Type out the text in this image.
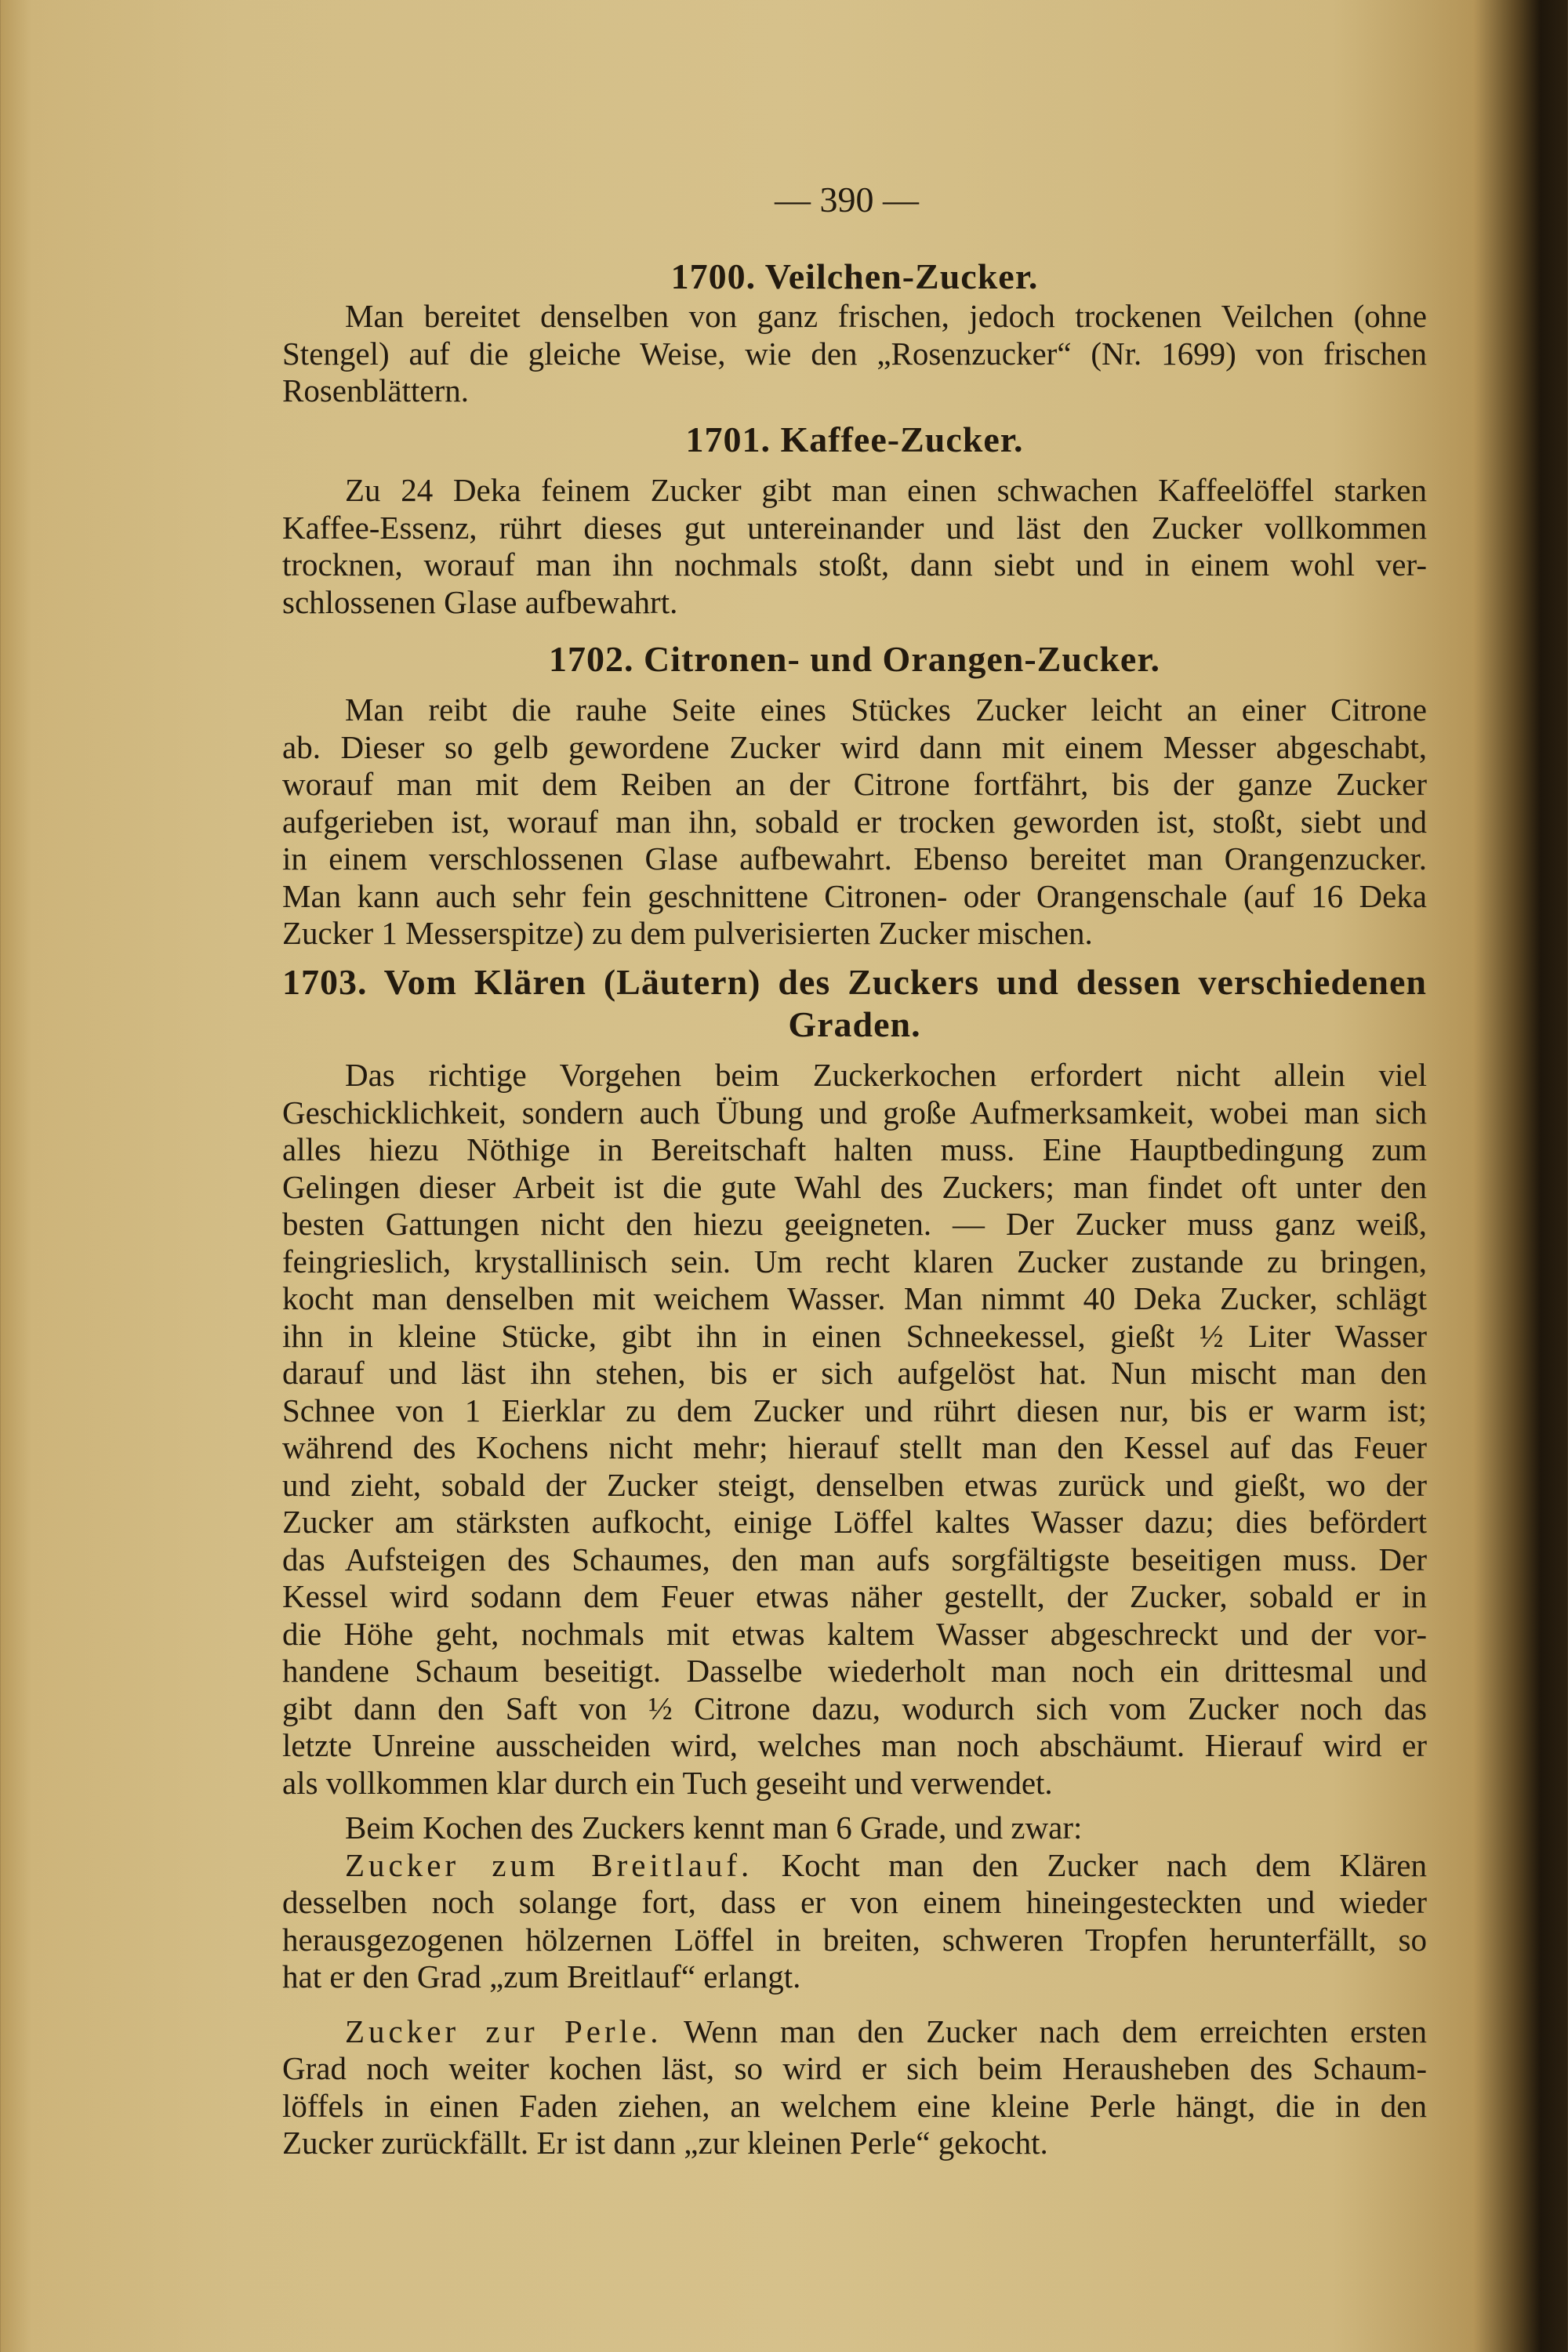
— 390 —
1700. Veilchen-Zucker.
Man bereitet denselben von ganz frischen, jedoch trockenen Veilchen (ohne
Stengel) auf die gleiche Weise, wie den „Rosenzucker“ (Nr. 1699) von frischen
Rosenblättern.
1701. Kaffee-Zucker.
Zu 24 Deka feinem Zucker gibt man einen schwachen Kaffeelöffel starken
Kaffee-Essenz, rührt dieses gut untereinander und läst den Zucker vollkommen
trocknen, worauf man ihn nochmals stoßt, dann siebt und in einem wohl ver-
schlossenen Glase aufbewahrt.
1702. Citronen- und Orangen-Zucker.
Man reibt die rauhe Seite eines Stückes Zucker leicht an einer Citrone
ab. Dieser so gelb gewordene Zucker wird dann mit einem Messer abgeschabt,
worauf man mit dem Reiben an der Citrone fortfährt, bis der ganze Zucker
aufgerieben ist, worauf man ihn, sobald er trocken geworden ist, stoßt, siebt und
in einem verschlossenen Glase aufbewahrt. Ebenso bereitet man Orangenzucker.
Man kann auch sehr fein geschnittene Citronen- oder Orangenschale (auf 16 Deka
Zucker 1 Messerspitze) zu dem pulverisierten Zucker mischen.
1703. Vom Klären (Läutern) des Zuckers und dessen verschiedenen
Graden.
Das richtige Vorgehen beim Zuckerkochen erfordert nicht allein viel
Geschicklichkeit, sondern auch Übung und große Aufmerksamkeit, wobei man sich
alles hiezu Nöthige in Bereitschaft halten muss. Eine Hauptbedingung zum
Gelingen dieser Arbeit ist die gute Wahl des Zuckers; man findet oft unter den
besten Gattungen nicht den hiezu geeigneten. — Der Zucker muss ganz weiß,
feingrieslich, krystallinisch sein. Um recht klaren Zucker zustande zu bringen,
kocht man denselben mit weichem Wasser. Man nimmt 40 Deka Zucker, schlägt
ihn in kleine Stücke, gibt ihn in einen Schneekessel, gießt ½ Liter Wasser
darauf und läst ihn stehen, bis er sich aufgelöst hat. Nun mischt man den
Schnee von 1 Eierklar zu dem Zucker und rührt diesen nur, bis er warm ist;
während des Kochens nicht mehr; hierauf stellt man den Kessel auf das Feuer
und zieht, sobald der Zucker steigt, denselben etwas zurück und gießt, wo der
Zucker am stärksten aufkocht, einige Löffel kaltes Wasser dazu; dies befördert
das Aufsteigen des Schaumes, den man aufs sorgfältigste beseitigen muss. Der
Kessel wird sodann dem Feuer etwas näher gestellt, der Zucker, sobald er in
die Höhe geht, nochmals mit etwas kaltem Wasser abgeschreckt und der vor-
handene Schaum beseitigt. Dasselbe wiederholt man noch ein drittesmal und
gibt dann den Saft von ½ Citrone dazu, wodurch sich vom Zucker noch das
letzte Unreine ausscheiden wird, welches man noch abschäumt. Hierauf wird er
als vollkommen klar durch ein Tuch geseiht und verwendet.
Beim Kochen des Zuckers kennt man 6 Grade, und zwar:
Zucker zum Breitlauf. Kocht man den Zucker nach dem Klären
desselben noch solange fort, dass er von einem hineingesteckten und wieder
herausgezogenen hölzernen Löffel in breiten, schweren Tropfen herunterfällt, so
hat er den Grad „zum Breitlauf“ erlangt.
Zucker zur Perle. Wenn man den Zucker nach dem erreichten ersten
Grad noch weiter kochen läst, so wird er sich beim Herausheben des Schaum-
löffels in einen Faden ziehen, an welchem eine kleine Perle hängt, die in den
Zucker zurückfällt. Er ist dann „zur kleinen Perle“ gekocht.
